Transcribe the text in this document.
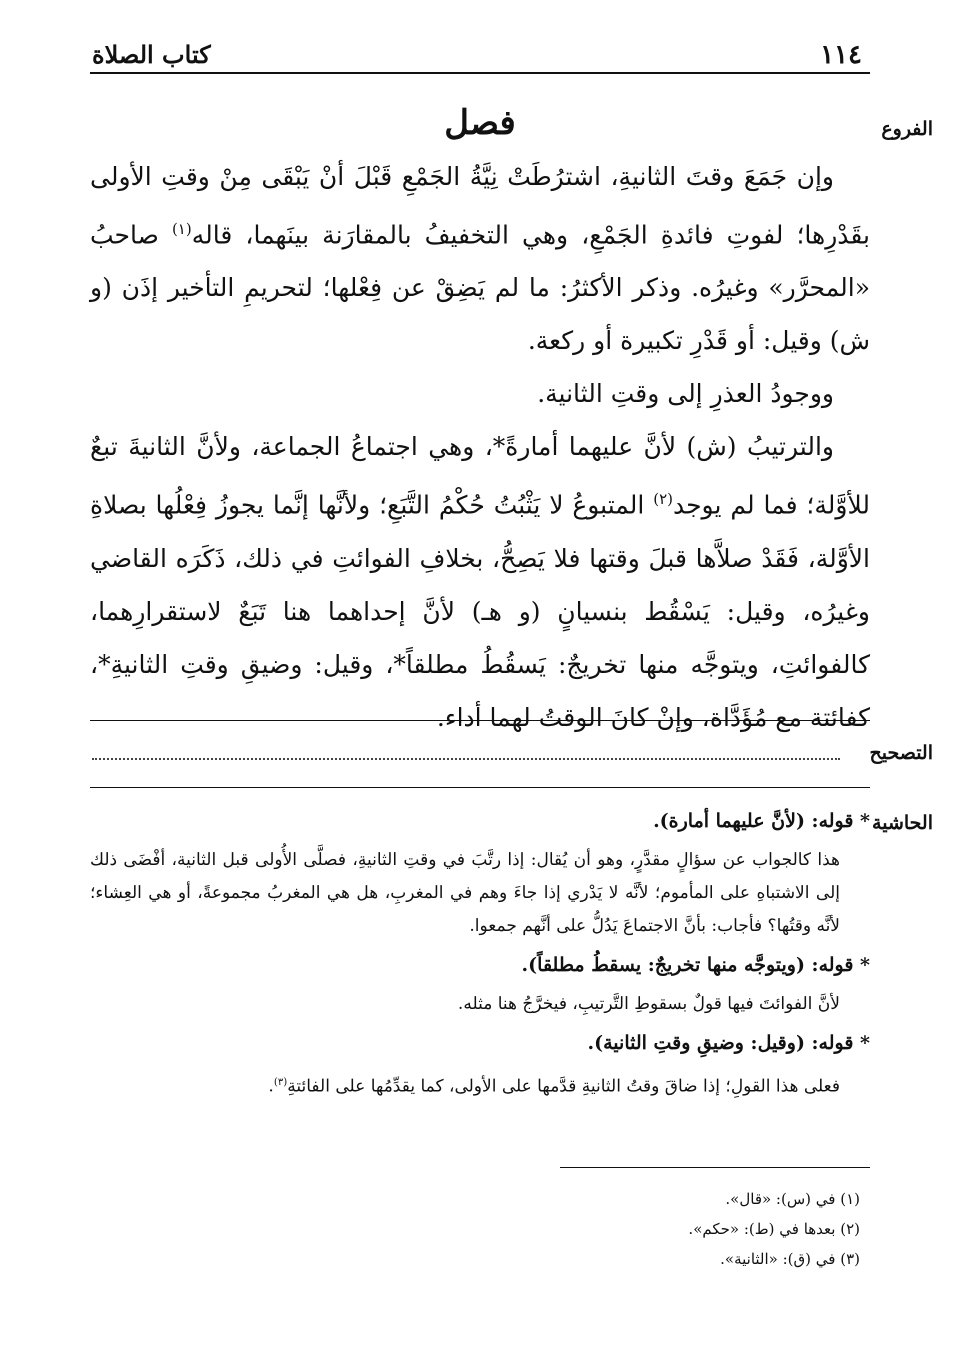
١١٤
كتاب الصلاة
الفروع
فصل

وإن جَمَعَ وقتَ الثانيةِ، اشترُطَتْ نِيَّةُ الجَمْعِ قَبْلَ أنْ يَبْقَى مِنْ وقتِ الأولى بقَدْرِها؛ لفوتِ فائدةِ الجَمْعِ، وهي التخفيفُ بالمقارَنة بينَهما، قاله$^{(١)}$ صاحبُ «المحرَّر» وغيرُه. وذكر الأكثرُ: ما لم يَضِقْ عن فِعْلها؛ لتحريمِ التأخير إذَن (و ش) وقيل: أو قَدْرِ تكبيرة أو ركعة.

ووجودُ العذرِ إلى وقتِ الثانية.

والترتيبُ (ش) لأنَّ عليهما أمارةً*، وهي اجتماعُ الجماعة، ولأنَّ الثانيةَ تبعٌ للأوَّلة؛ فما لم يوجد$^{(٢)}$ المتبوعُ لا يَثْبُتُ حُكْمُ التَّبَعِ؛ ولأنَّها إنَّما يجوزُ فِعْلُها بصلاةِ الأوَّلة، فَقَدْ صلاَّها قبلَ وقتها فلا يَصِحُّ، بخلافِ الفوائتِ في ذلك، ذَكَرَه القاضي وغيرُه، وقيل: يَسْقُط بنسيانٍ (و هـ) لأنَّ إحداهما هنا تَبَعٌ لاستقرارِهما، كالفوائتِ، ويتوجَّه منها تخريجٌ: يَسقُطُ مطلقاً*، وقيل: وضيقِ وقتِ الثانيةِ*، كفائتة مع مُؤَدَّاة، وإنْ كانَ الوقتُ لهما أداء.

التصحيح
الحاشية

* قوله: (لأنَّ عليهما أمارة).

هذا كالجواب عن سؤالٍ مقدَّرٍ، وهو أن يُقال: إذا رتَّبَ في وقتِ الثانيةِ، فصلَّى الأُولى قبل الثانية، أفْضَى ذلك إلى الاشتباهِ على المأموم؛ لأنَّه لا يَدْري إذا جاءَ وهم في المغربِ، هل هي المغربُ مجموعةً، أو هي العِشاء؛ لأنَّه وقتُها؟ فأجاب: بأنَّ الاجتماعَ يَدُلُّ على أنَّهم جمعوا.

* قوله: (ويتوجَّه منها تخريجٌ: يسقطُ مطلقاً).

لأنَّ الفوائتَ فيها قولٌ بسقوطِ التَّرتيبِ، فيخرَّجُ هنا مثله.

* قوله: (وقيل: وضيقِ وقتِ الثانية).

فعلى هذا القولِ؛ إذا ضاقَ وقتُ الثانيةِ قدَّمها على الأولى، كما يقدِّمُها على الفائتةِ$^{(٣)}$.

(١) في (س): «قال».

(٢) بعدها في (ط): «حكم».

(٣) في (ق): «الثانية».
